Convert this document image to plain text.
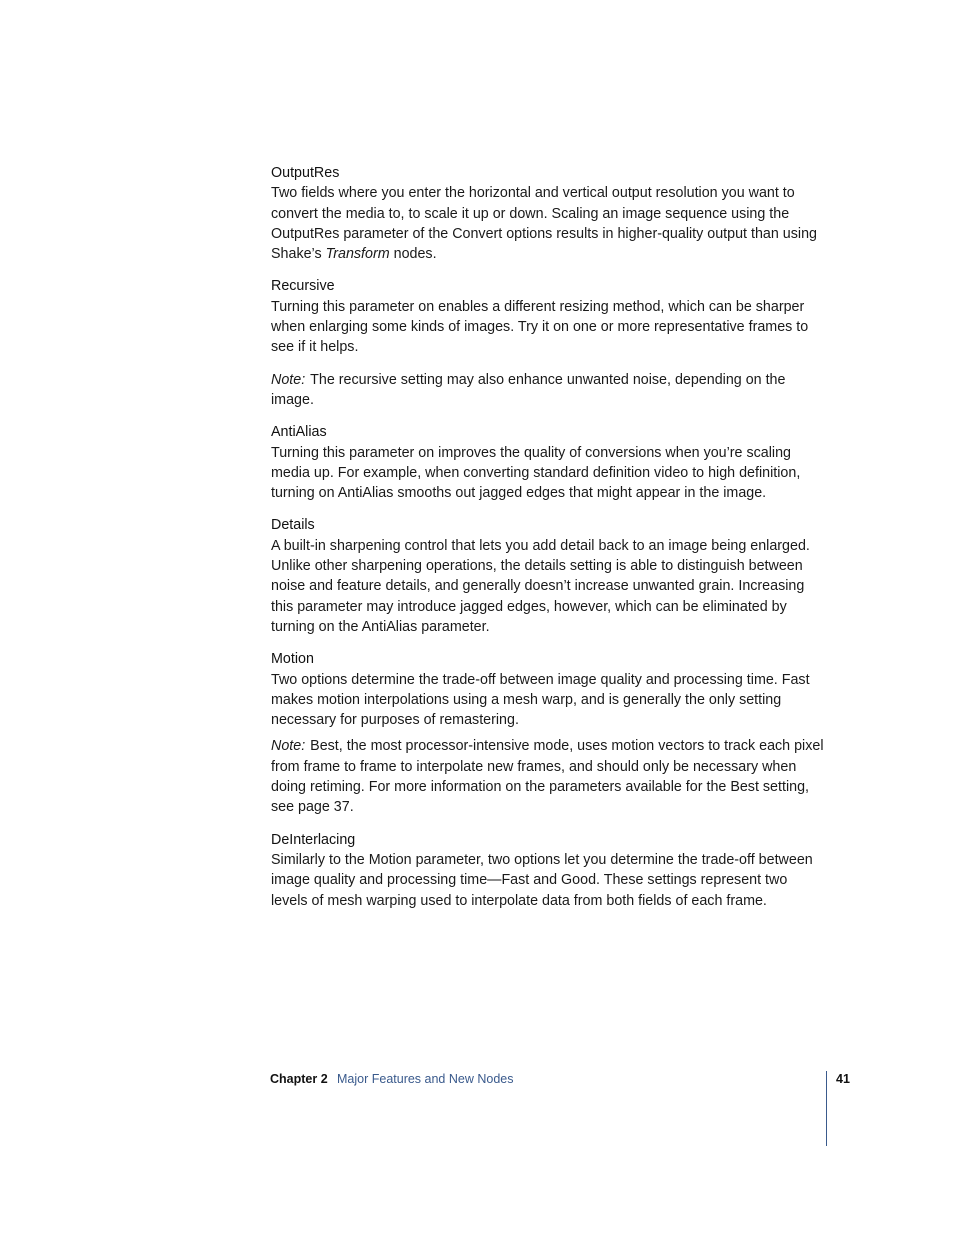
OutputRes

Two fields where you enter the horizontal and vertical output resolution you want to convert the media to, to scale it up or down. Scaling an image sequence using the OutputRes parameter of the Convert options results in higher-quality output than using Shake’s Transform nodes.

Recursive

Turning this parameter on enables a different resizing method, which can be sharper when enlarging some kinds of images. Try it on one or more representative frames to see if it helps.

Note: The recursive setting may also enhance unwanted noise, depending on the image.

AntiAlias

Turning this parameter on improves the quality of conversions when you’re scaling media up. For example, when converting standard definition video to high definition, turning on AntiAlias smooths out jagged edges that might appear in the image.

Details

A built-in sharpening control that lets you add detail back to an image being enlarged. Unlike other sharpening operations, the details setting is able to distinguish between noise and feature details, and generally doesn’t increase unwanted grain. Increasing this parameter may introduce jagged edges, however, which can be eliminated by turning on the AntiAlias parameter.

Motion

Two options determine the trade-off between image quality and processing time. Fast makes motion interpolations using a mesh warp, and is generally the only setting necessary for purposes of remastering.

Note: Best, the most processor-intensive mode, uses motion vectors to track each pixel from frame to frame to interpolate new frames, and should only be necessary when doing retiming. For more information on the parameters available for the Best setting, see page 37.

DeInterlacing

Similarly to the Motion parameter, two options let you determine the trade-off between image quality and processing time—Fast and Good. These settings represent two levels of mesh warping used to interpolate data from both fields of each frame.

Chapter 2 Major Features and New Nodes	41
